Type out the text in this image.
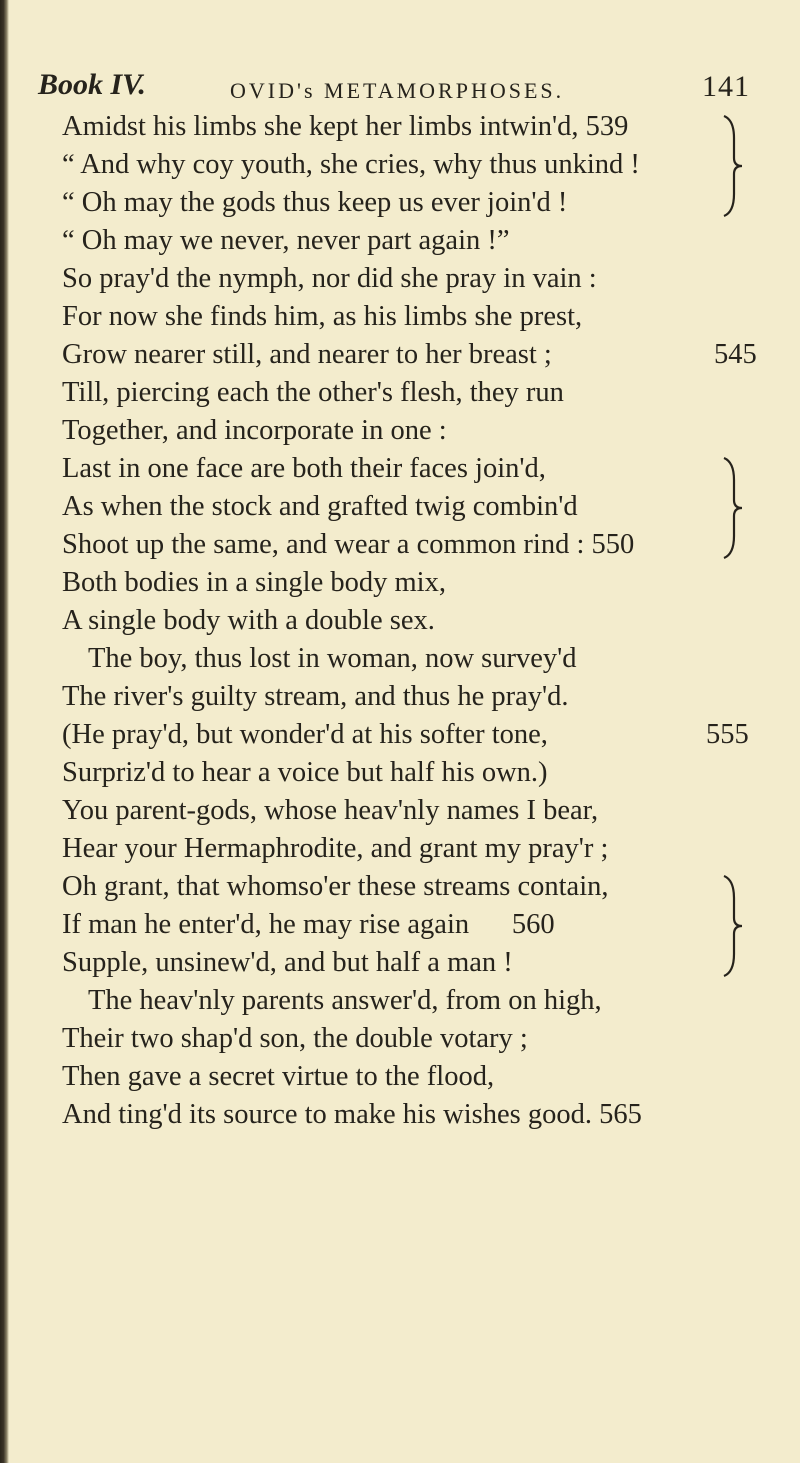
Book IV.	OVID's METAMORPHOSES.	141
Amidst his limbs she kept her limbs intwin'd, 539
“ And why coy youth, she cries, why thus unkind !
“ Oh may the gods thus keep us ever join'd !
“ Oh may we never, never part again !”
So pray'd the nymph, nor did she pray in vain :
For now she finds him, as his limbs she prest,
Grow nearer still, and nearer to her breast ;	545
Till, piercing each the other's flesh, they run
Together, and incorporate in one :
Last in one face are both their faces join'd,
As when the stock and grafted twig combin'd
Shoot up the same, and wear a common rind : 550
Both bodies in a single body mix,
A single body with a double sex.
The boy, thus lost in woman, now survey'd
The river's guilty stream, and thus he pray'd.
(He pray'd, but wonder'd at his softer tone,	555
Surpriz'd to hear a voice but half his own.)
You parent-gods, whose heav'nly names I bear,
Hear your Hermaphrodite, and grant my pray'r ;
Oh grant, that whomso'er these streams contain,
If man he enter'd, he may rise again      560
Supple, unsinew'd, and but half a man !
The heav'nly parents answer'd, from on high,
Their two shap'd son, the double votary ;
Then gave a secret virtue to the flood,
And ting'd its source to make his wishes good. 565
